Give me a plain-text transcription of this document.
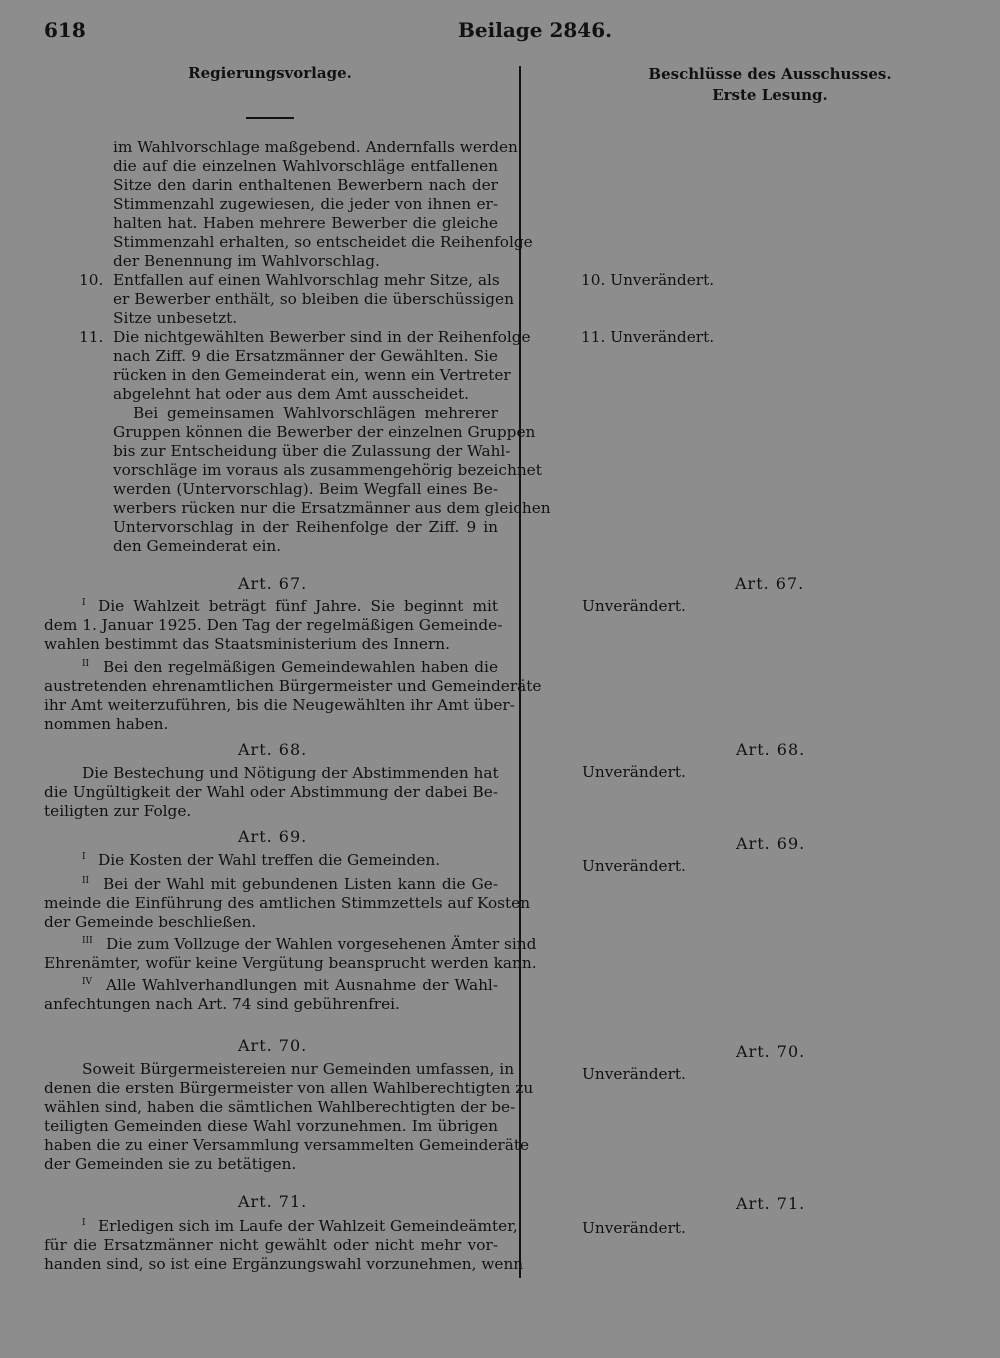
618	Beilage 2846.
Regierungsvorlage.	Beschlüsse des Ausschusses.
Erste Lesung.
im Wahlvorschlage maßgebend. Andernfalls werden
die auf die einzelnen Wahlvorschläge entfallenen
Sitze den darin enthaltenen Bewerbern nach der
Stimmenzahl zugewiesen, die jeder von ihnen er-
halten hat. Haben mehrere Bewerber die gleiche
Stimmenzahl erhalten, so entscheidet die Reihenfolge
der Benennung im Wahlvorschlag.
10. Entfallen auf einen Wahlvorschlag mehr Sitze, als
er Bewerber enthält, so bleiben die überschüssigen
Sitze unbesetzt.
11. Die nichtgewählten Bewerber sind in der Reihenfolge
nach Ziff. 9 die Ersatzmänner der Gewählten. Sie
rücken in den Gemeinderat ein, wenn ein Vertreter
abgelehnt hat oder aus dem Amt ausscheidet.
Bei gemeinsamen Wahlvorschlägen mehrerer
Gruppen können die Bewerber der einzelnen Gruppen
bis zur Entscheidung über die Zulassung der Wahl-
vorschläge im voraus als zusammengehörig bezeichnet
werden (Untervorschlag). Beim Wegfall eines Be-
werbers rücken nur die Ersatzmänner aus dem gleichen
Untervorschlag in der Reihenfolge der Ziff. 9 in
den Gemeinderat ein.
Art. 67.
I Die Wahlzeit beträgt fünf Jahre. Sie beginnt mit
dem 1. Januar 1925. Den Tag der regelmäßigen Gemeinde-
wahlen bestimmt das Staatsministerium des Innern.
II Bei den regelmäßigen Gemeindewahlen haben die
austretenden ehrenamtlichen Bürgermeister und Gemeinderäte
ihr Amt weiterzuführen, bis die Neugewählten ihr Amt über-
nommen haben.
Art. 68.
Die Bestechung und Nötigung der Abstimmenden hat
die Ungültigkeit der Wahl oder Abstimmung der dabei Be-
teiligten zur Folge.
Art. 69.
I Die Kosten der Wahl treffen die Gemeinden.
II Bei der Wahl mit gebundenen Listen kann die Ge-
meinde die Einführung des amtlichen Stimmzettels auf Kosten
der Gemeinde beschließen.
III Die zum Vollzuge der Wahlen vorgesehenen Ämter sind
Ehrenämter, wofür keine Vergütung beansprucht werden kann.
IV Alle Wahlverhandlungen mit Ausnahme der Wahl-
anfechtungen nach Art. 74 sind gebührenfrei.
Art. 70.
Soweit Bürgermeistereien nur Gemeinden umfassen, in
denen die ersten Bürgermeister von allen Wahlberechtigten zu
wählen sind, haben die sämtlichen Wahlberechtigten der be-
teiligten Gemeinden diese Wahl vorzunehmen. Im übrigen
haben die zu einer Versammlung versammelten Gemeinderäte
der Gemeinden sie zu betätigen.
Art. 71.
I Erledigen sich im Laufe der Wahlzeit Gemeindeämter,
für die Ersatzmänner nicht gewählt oder nicht mehr vor-
handen sind, so ist eine Ergänzungswahl vorzunehmen, wenn
10. Unverändert.
11. Unverändert.
Art. 67.
Unverändert.
Art. 68.
Unverändert.
Art. 69.
Unverändert.
Art. 70.
Unverändert.
Art. 71.
Unverändert.
